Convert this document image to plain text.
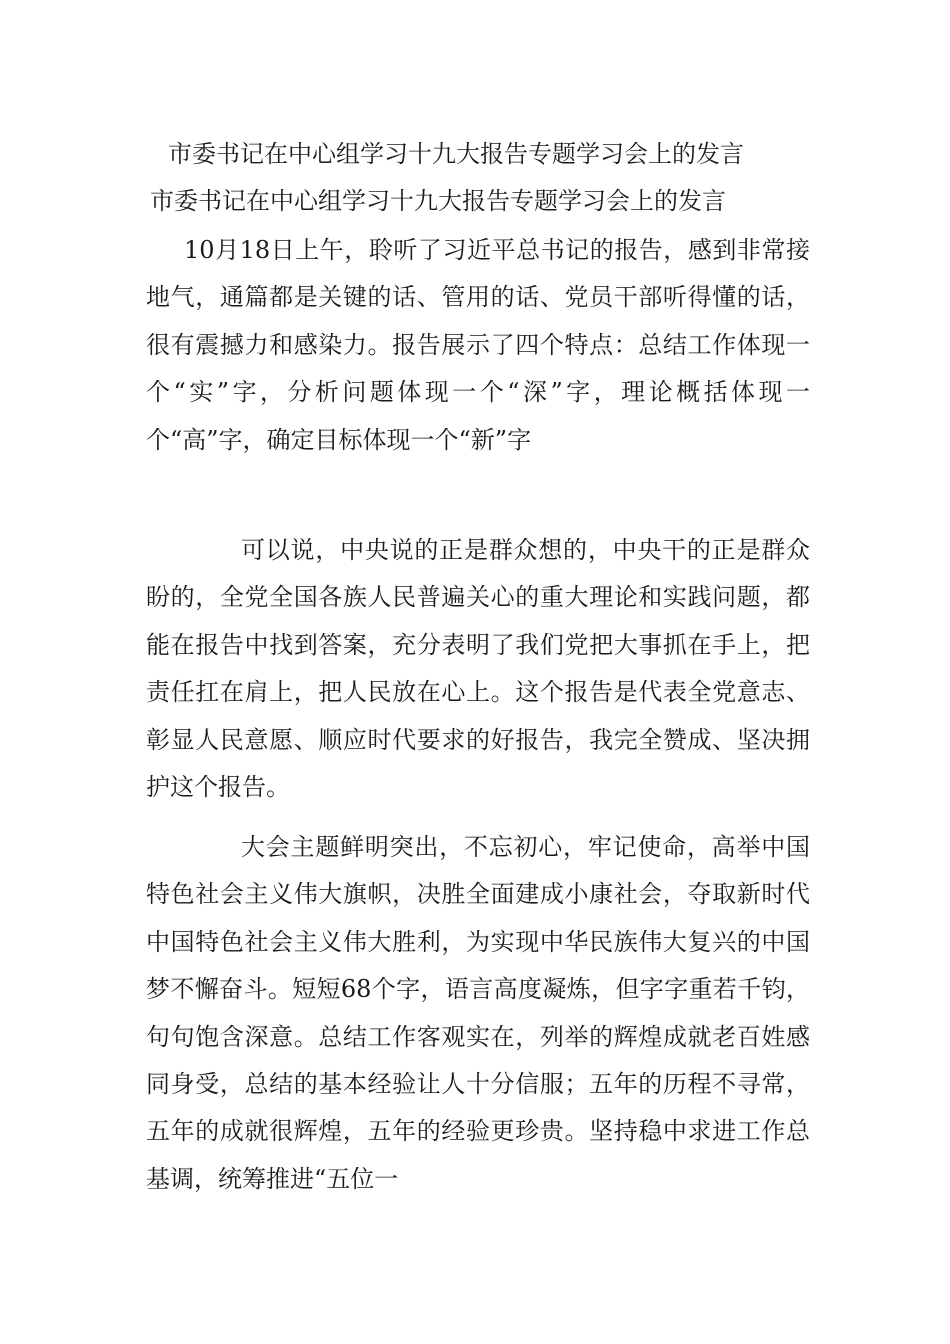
市委书记在中心组学习十九大报告专题学习会上的发言
市委书记在中心组学习十九大报告专题学习会上的发言

10月18日上午，聆听了习近平总书记的报告，感到非常接地气，通篇都是关键的话、管用的话、党员干部听得懂的话，很有震撼力和感染力。报告展示了四个特点：总结工作体现一个“实”字，分析问题体现一个“深”字，理论概括体现一个“高”字，确定目标体现一个“新”字

可以说，中央说的正是群众想的，中央干的正是群众盼的，全党全国各族人民普遍关心的重大理论和实践问题，都能在报告中找到答案，充分表明了我们党把大事抓在手上，把责任扛在肩上，把人民放在心上。这个报告是代表全党意志、彰显人民意愿、顺应时代要求的好报告，我完全赞成、坚决拥护这个报告。

大会主题鲜明突出，不忘初心，牢记使命，高举中国特色社会主义伟大旗帜，决胜全面建成小康社会，夺取新时代中国特色社会主义伟大胜利，为实现中华民族伟大复兴的中国梦不懈奋斗。短短68个字，语言高度凝炼，但字字重若千钧，句句饱含深意。总结工作客观实在，列举的辉煌成就老百姓感同身受，总结的基本经验让人十分信服；五年的历程不寻常，五年的成就很辉煌，五年的经验更珍贵。坚持稳中求进工作总基调，统筹推进“五位一
